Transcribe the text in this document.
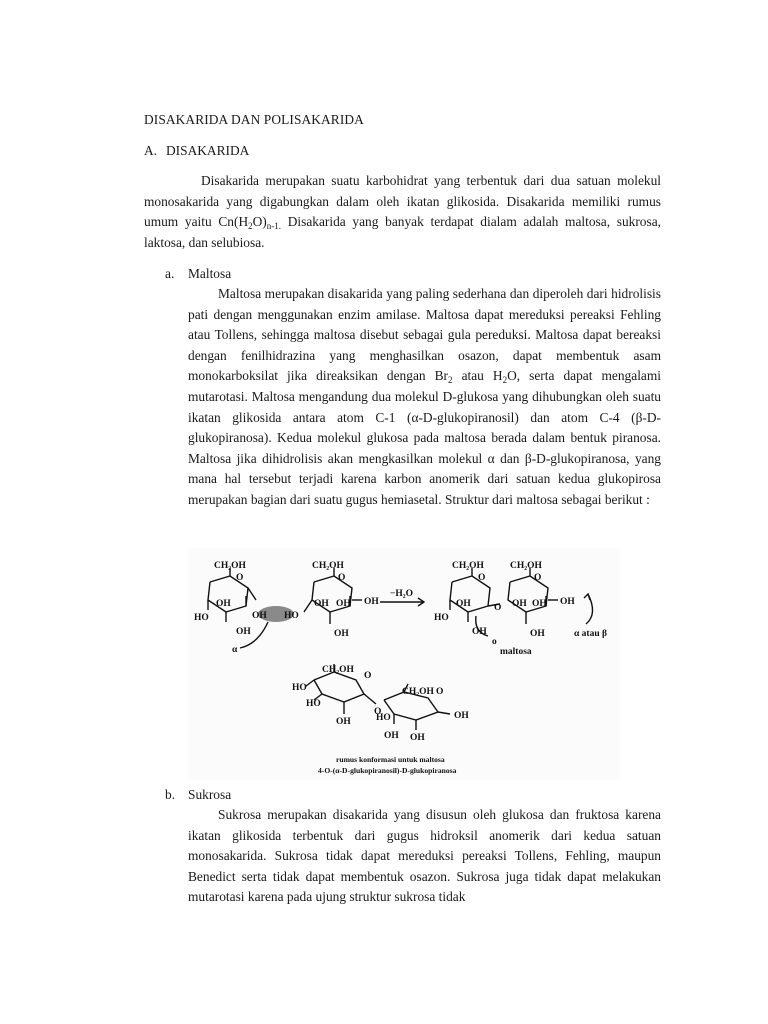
DISAKARIDA DAN POLISAKARIDA
A. DISAKARIDA
Disakarida merupakan suatu karbohidrat yang terbentuk dari dua satuan molekul monosakarida yang digabungkan dalam oleh ikatan glikosida. Disakarida memiliki rumus umum yaitu $Cn(H_2O)_{n-1.}$ Disakarida yang banyak terdapat dialam adalah maltosa, sukrosa, laktosa, dan selubiosa.
a. Maltosa
Maltosa merupakan disakarida yang paling sederhana dan diperoleh dari hidrolisis pati dengan menggunakan enzim amilase. Maltosa dapat mereduksi pereaksi Fehling atau Tollens, sehingga maltosa disebut sebagai gula pereduksi. Maltosa dapat bereaksi dengan fenilhidrazina yang menghasilkan osazon, dapat membentuk asam monokarboksilat jika direaksikan dengan $Br_2$ atau $H_2O$, serta dapat mengalami mutarotasi. Maltosa mengandung dua molekul D-glukosa yang dihubungkan oleh suatu ikatan glikosida antara atom C-1 (α-D-glukopiranosil) dan atom C-4 (β-D-glukopiranosa). Kedua molekul glukosa pada maltosa berada dalam bentuk piranosa. Maltosa jika dihidrolisis akan mengkasilkan molekul α dan β-D-glukopiranosa, yang mana hal tersebut terjadi karena karbon anomerik dari satuan kedua glukopirosa merupakan bagian dari suatu gugus hemiasetal. Struktur dari maltosa sebagai berikut :
CH₂OH
O
OH
HO
OH
OH HO
α
CH₂OH
O
OH OH OH
OH
−H₂O
CH₂OH
O
OH
HO
OH
O
o
CH₂OH
O
OH OH OH
OH
maltosa
α atau β
CH₂OH
O
HO
HO
OH
O
CH₂OH O
HO	OH
OH OH
rumus konformasi untuk maltosa
4-O-(α-D-glukopiranosil)-D-glukopiranosa
b. Sukrosa
Sukrosa merupakan disakarida yang disusun oleh glukosa dan fruktosa karena ikatan glikosida terbentuk dari gugus hidroksil anomerik dari kedua satuan monosakarida. Sukrosa tidak dapat mereduksi pereaksi Tollens, Fehling, maupun Benedict serta tidak dapat membentuk osazon. Sukrosa juga tidak dapat melakukan mutarotasi karena pada ujung struktur sukrosa tidak
